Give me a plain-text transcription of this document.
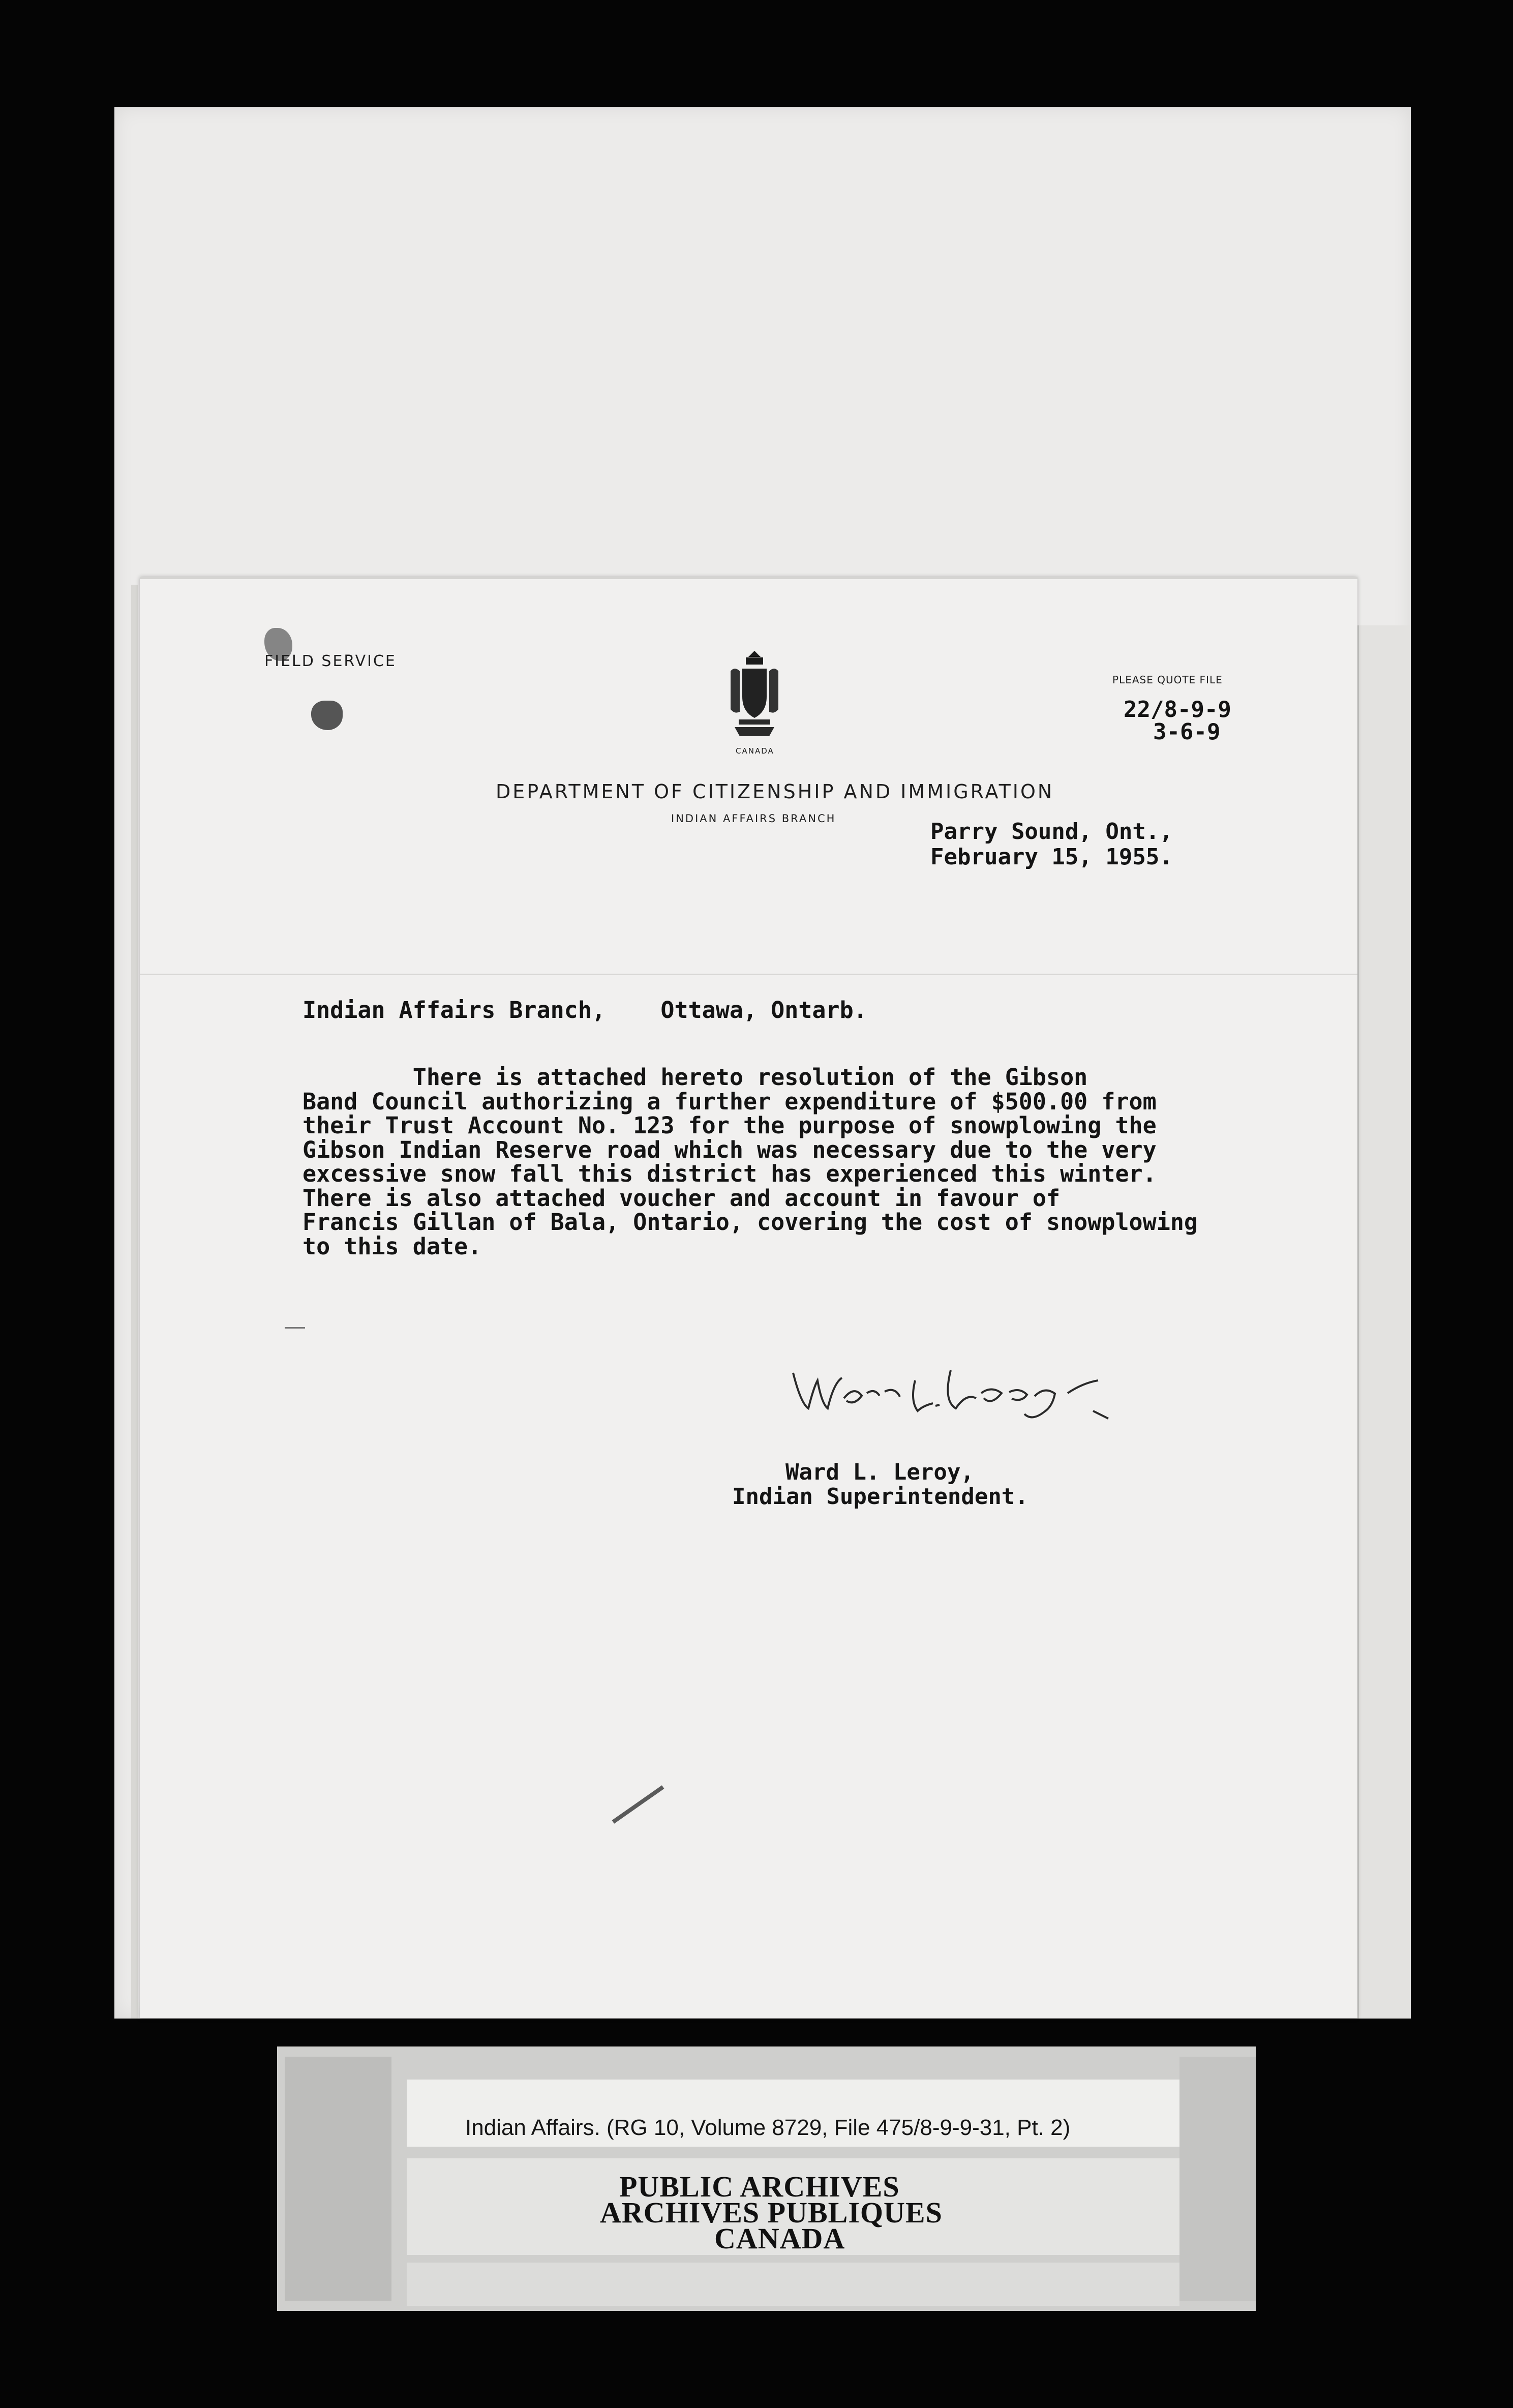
FIELD SERVICE
CANADA
DEPARTMENT OF CITIZENSHIP AND IMMIGRATION
INDIAN AFFAIRS BRANCH
PLEASE QUOTE FILE
22/8-9-9
3-6-9
Parry Sound, Ont.,
February 15, 1955.
Indian Affairs Branch,    Ottawa, Ontarb.
There is attached hereto resolution of the Gibson
Band Council authorizing a further expenditure of $500.00 from
their Trust Account No. 123 for the purpose of snowplowing the
Gibson Indian Reserve road which was necessary due to the very
excessive snow fall this district has experienced this winter.
There is also attached voucher and account in favour of
Francis Gillan of Bala, Ontario, covering the cost of snowplowing
to this date.
Ward L. Leroy,
Indian Superintendent.
Indian Affairs. (RG 10, Volume 8729, File 475/8-9-9-31, Pt. 2)
PUBLIC ARCHIVES
ARCHIVES PUBLIQUES
CANADA
